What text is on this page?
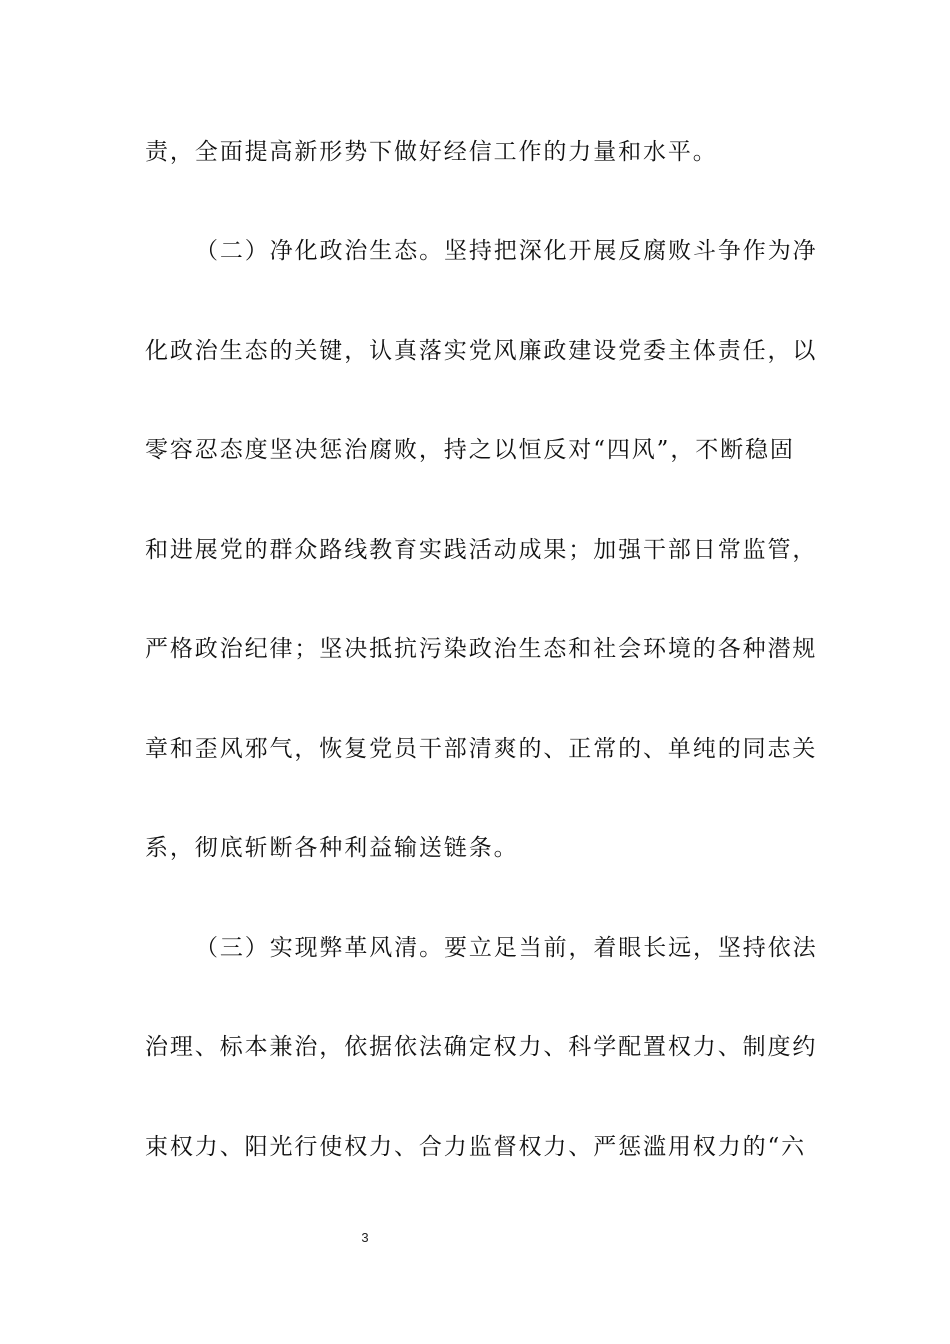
责，全面提高新形势下做好经信工作的力量和水平。
（二）净化政治生态。坚持把深化开展反腐败斗争作为净
化政治生态的关键，认真落实党风廉政建设党委主体责任，以
零容忍态度坚决惩治腐败，持之以恒反对“四风”，不断稳固
和进展党的群众路线教育实践活动成果；加强干部日常监管，
严格政治纪律；坚决抵抗污染政治生态和社会环境的各种潜规
章和歪风邪气，恢复党员干部清爽的、正常的、单纯的同志关
系，彻底斩断各种利益输送链条。
（三）实现弊革风清。要立足当前，着眼长远，坚持依法
治理、标本兼治，依据依法确定权力、科学配置权力、制度约
束权力、阳光行使权力、合力监督权力、严惩滥用权力的“六
3
